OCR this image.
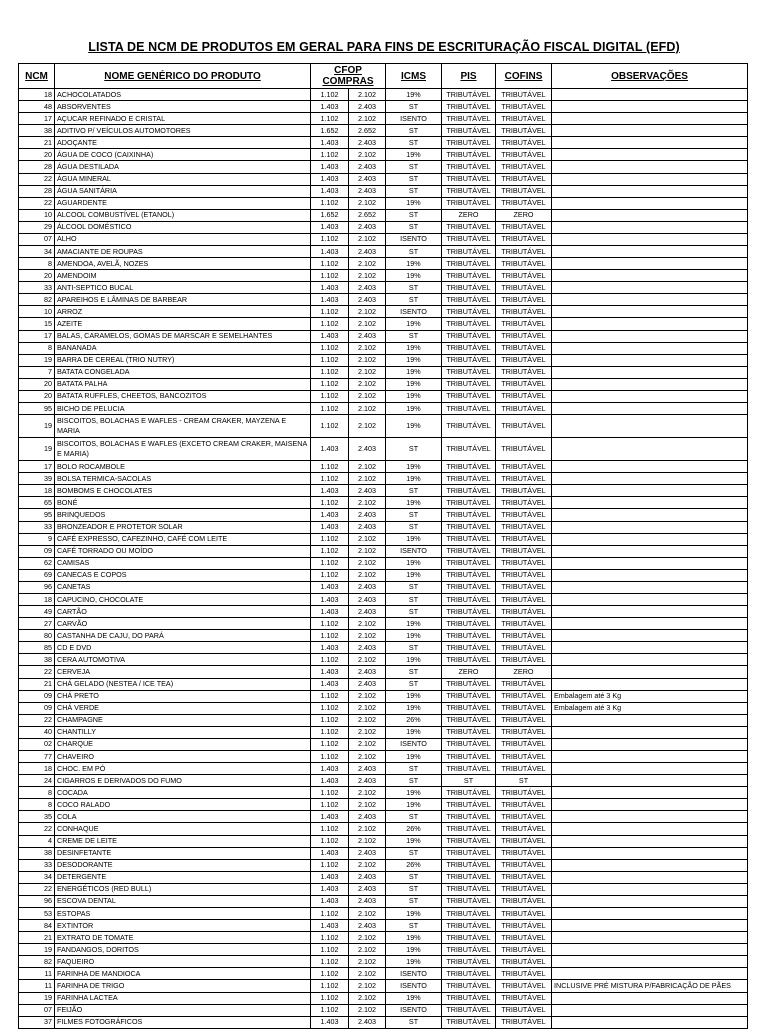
LISTA DE NCM DE PRODUTOS EM GERAL PARA FINS DE ESCRITURAÇÃO FISCAL DIGITAL (EFD)
NCM	NOME GENÉRICO DO PRODUTO	CFOP
COMPRAS		ICMS	PIS	COFINS	OBSERVAÇÕES
18	ACHOCOLATADOS	1.102	2.102	19%	TRIBUTÁVEL	TRIBUTÁVEL	
48	ABSORVENTES	1.403	2.403	ST	TRIBUTÁVEL	TRIBUTÁVEL	
17	AÇUCAR REFINADO E CRISTAL	1.102	2.102	ISENTO	TRIBUTÁVEL	TRIBUTÁVEL	
38	ADITIVO P/ VEÍCULOS AUTOMOTORES	1.652	2.652	ST	TRIBUTÁVEL	TRIBUTÁVEL	
21	ADOÇANTE	1.403	2.403	ST	TRIBUTÁVEL	TRIBUTÁVEL	
20	ÁGUA DE COCO (CAIXINHA)	1.102	2.102	19%	TRIBUTÁVEL	TRIBUTÁVEL	
28	ÁGUA DESTILADA	1.403	2.403	ST	TRIBUTÁVEL	TRIBUTÁVEL	
22	ÁGUA MINERAL	1.403	2.403	ST	TRIBUTÁVEL	TRIBUTÁVEL	
28	ÁGUA SANITÁRIA	1.403	2.403	ST	TRIBUTÁVEL	TRIBUTÁVEL	
22	AGUARDENTE	1.102	2.102	19%	TRIBUTÁVEL	TRIBUTÁVEL	
10	ALCOOL COMBUSTÍVEL (ETANOL)	1.652	2.652	ST	ZERO	ZERO	
29	ÁLCOOL DOMÉSTICO	1.403	2.403	ST	TRIBUTÁVEL	TRIBUTÁVEL	
07	ALHO	1.102	2.102	ISENTO	TRIBUTÁVEL	TRIBUTÁVEL	
34	AMACIANTE DE ROUPAS	1.403	2.403	ST	TRIBUTÁVEL	TRIBUTÁVEL	
8	AMENDOA, AVELÃ, NOZES	1.102	2.102	19%	TRIBUTÁVEL	TRIBUTÁVEL	
20	AMENDOIM	1.102	2.102	19%	TRIBUTÁVEL	TRIBUTÁVEL	
33	ANTI-SEPTICO BUCAL	1.403	2.403	ST	TRIBUTÁVEL	TRIBUTÁVEL	
82	APAREIHOS E LÂMINAS DE BARBEAR	1.403	2.403	ST	TRIBUTÁVEL	TRIBUTÁVEL	
10	ARROZ	1.102	2.102	ISENTO	TRIBUTÁVEL	TRIBUTÁVEL	
15	AZEITE	1.102	2.102	19%	TRIBUTÁVEL	TRIBUTÁVEL	
17	BALAS, CARAMELOS, GOMAS DE MARSCAR E SEMELHANTES	1.403	2.403	ST	TRIBUTÁVEL	TRIBUTÁVEL	
8	BANANADA	1.102	2.102	19%	TRIBUTÁVEL	TRIBUTÁVEL	
19	BARRA DE CEREAL (TRIO NUTRY)	1.102	2.102	19%	TRIBUTÁVEL	TRIBUTÁVEL	
7	BATATA CONGELADA	1.102	2.102	19%	TRIBUTÁVEL	TRIBUTÁVEL	
20	BATATA PALHA	1.102	2.102	19%	TRIBUTÁVEL	TRIBUTÁVEL	
20	BATATA RUFFLES, CHEETOS, BANCOZITOS	1.102	2.102	19%	TRIBUTÁVEL	TRIBUTÁVEL	
95	BICHO DE PELUCIA	1.102	2.102	19%	TRIBUTÁVEL	TRIBUTÁVEL	
19	BISCOITOS, BOLACHAS E WAFLES - CREAM CRAKER, MAYZENA E MARIA	1.102	2.102	19%	TRIBUTÁVEL	TRIBUTÁVEL	
19	BISCOITOS, BOLACHAS E WAFLES (EXCETO CREAM CRAKER, MAISENA E MARIA)	1.403	2.403	ST	TRIBUTÁVEL	TRIBUTÁVEL	
17	BOLO ROCAMBOLE	1.102	2.102	19%	TRIBUTÁVEL	TRIBUTÁVEL	
39	BOLSA TERMICA-SACOLAS	1.102	2.102	19%	TRIBUTÁVEL	TRIBUTÁVEL	
18	BOMBOMS E CHOCOLATES	1.403	2.403	ST	TRIBUTÁVEL	TRIBUTÁVEL	
65	BONÉ	1.102	2.102	19%	TRIBUTÁVEL	TRIBUTÁVEL	
95	BRINQUEDOS	1.403	2.403	ST	TRIBUTÁVEL	TRIBUTÁVEL	
33	BRONZEADOR E PROTETOR SOLAR	1.403	2.403	ST	TRIBUTÁVEL	TRIBUTÁVEL	
9	CAFÉ EXPRESSO, CAFEZINHO, CAFÉ COM LEITE	1.102	2.102	19%	TRIBUTÁVEL	TRIBUTÁVEL	
09	CAFÉ TORRADO OU MOÍDO	1.102	2.102	ISENTO	TRIBUTÁVEL	TRIBUTÁVEL	
62	CAMISAS	1.102	2.102	19%	TRIBUTÁVEL	TRIBUTÁVEL	
69	CANECAS E COPOS	1.102	2.102	19%	TRIBUTÁVEL	TRIBUTÁVEL	
96	CANETAS	1.403	2.403	ST	TRIBUTÁVEL	TRIBUTÁVEL	
18	CAPUCINO, CHOCOLATE	1.403	2.403	ST	TRIBUTÁVEL	TRIBUTÁVEL	
49	CARTÃO	1.403	2.403	ST	TRIBUTÁVEL	TRIBUTÁVEL	
27	CARVÃO	1.102	2.102	19%	TRIBUTÁVEL	TRIBUTÁVEL	
80	CASTANHA DE CAJU, DO PARÁ	1.102	2.102	19%	TRIBUTÁVEL	TRIBUTÁVEL	
85	CD E DVD	1.403	2.403	ST	TRIBUTÁVEL	TRIBUTÁVEL	
38	CERA AUTOMOTIVA	1.102	2.102	19%	TRIBUTÁVEL	TRIBUTÁVEL	
22	CERVEJA	1.403	2.403	ST	ZERO	ZERO	
21	CHÁ GELADO (NESTEA / ICE TEA)	1.403	2.403	ST	TRIBUTÁVEL	TRIBUTÁVEL	
09	CHÁ PRETO	1.102	2.102	19%	TRIBUTÁVEL	TRIBUTÁVEL	Embalagem até 3 Kg
09	CHÁ VERDE	1.102	2.102	19%	TRIBUTÁVEL	TRIBUTÁVEL	Embalagem até 3 Kg
22	CHAMPAGNE	1.102	2.102	26%	TRIBUTÁVEL	TRIBUTÁVEL	
40	CHANTILLY	1.102	2.102	19%	TRIBUTÁVEL	TRIBUTÁVEL	
02	CHARQUE	1.102	2.102	ISENTO	TRIBUTÁVEL	TRIBUTÁVEL	
77	CHAVEIRO	1.102	2.102	19%	TRIBUTÁVEL	TRIBUTÁVEL	
18	CHOC. EM PÓ	1.403	2.403	ST	TRIBUTÁVEL	TRIBUTÁVEL	
24	CIGARROS E DERIVADOS DO FUMO	1.403	2.403	ST	ST	ST	
8	COCADA	1.102	2.102	19%	TRIBUTÁVEL	TRIBUTÁVEL	
8	COCO RALADO	1.102	2.102	19%	TRIBUTÁVEL	TRIBUTÁVEL	
35	COLA	1.403	2.403	ST	TRIBUTÁVEL	TRIBUTÁVEL	
22	CONHAQUE	1.102	2.102	26%	TRIBUTÁVEL	TRIBUTÁVEL	
4	CREME DE LEITE	1.102	2.102	19%	TRIBUTÁVEL	TRIBUTÁVEL	
38	DESINFETANTE	1.403	2.403	ST	TRIBUTÁVEL	TRIBUTÁVEL	
33	DESODORANTE	1.102	2.102	26%	TRIBUTÁVEL	TRIBUTÁVEL	
34	DETERGENTE	1.403	2.403	ST	TRIBUTÁVEL	TRIBUTÁVEL	
22	ENERGÉTICOS (RED BULL)	1.403	2.403	ST	TRIBUTÁVEL	TRIBUTÁVEL	
96	ESCOVA DENTAL	1.403	2.403	ST	TRIBUTÁVEL	TRIBUTÁVEL	
53	ESTOPAS	1.102	2.102	19%	TRIBUTÁVEL	TRIBUTÁVEL	
84	EXTINTOR	1.403	2.403	ST	TRIBUTÁVEL	TRIBUTÁVEL	
21	EXTRATO DE TOMATE	1.102	2.102	19%	TRIBUTÁVEL	TRIBUTÁVEL	
19	FANDANGOS, DORITOS	1.102	2.102	19%	TRIBUTÁVEL	TRIBUTÁVEL	
82	FAQUEIRO	1.102	2.102	19%	TRIBUTÁVEL	TRIBUTÁVEL	
11	FARINHA DE MANDIOCA	1.102	2.102	ISENTO	TRIBUTÁVEL	TRIBUTÁVEL	
11	FARINHA DE TRIGO	1.102	2.102	ISENTO	TRIBUTÁVEL	TRIBUTÁVEL	INCLUSIVE PRÉ MISTURA P/FABRICAÇÃO DE PÃES
19	FARINHA LACTEA	1.102	2.102	19%	TRIBUTÁVEL	TRIBUTÁVEL	
07	FEIJÃO	1.102	2.102	ISENTO	TRIBUTÁVEL	TRIBUTÁVEL	
37	FILMES FOTOGRÁFICOS	1.403	2.403	ST	TRIBUTÁVEL	TRIBUTÁVEL	
